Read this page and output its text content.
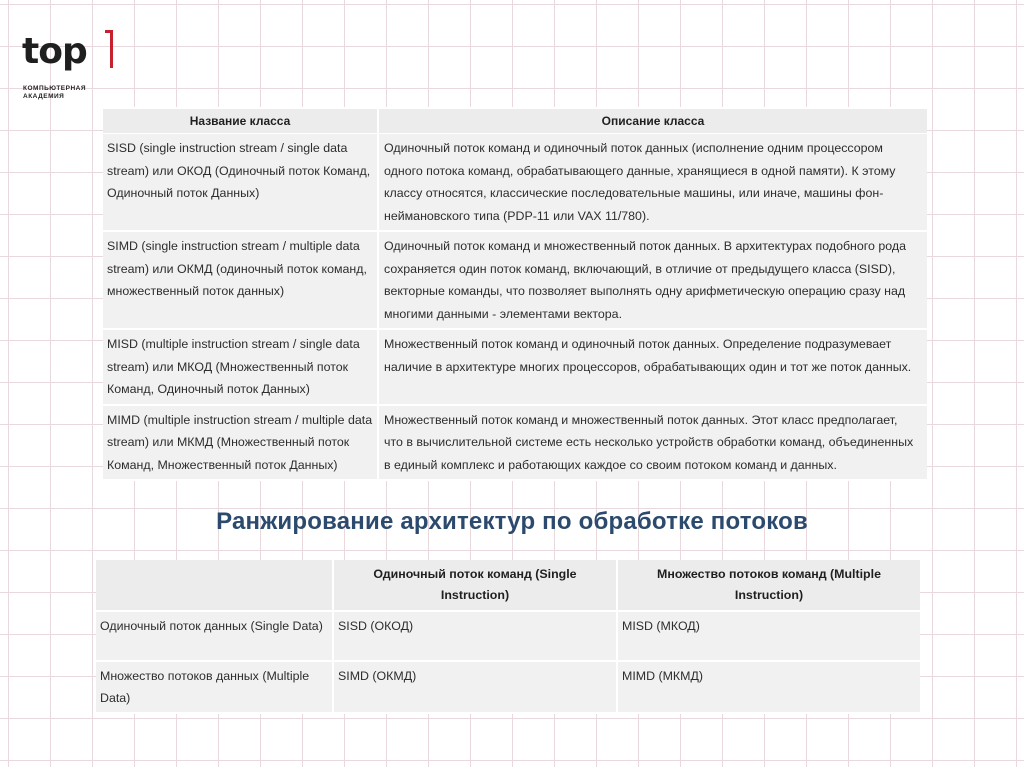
top
КОМПЬЮТЕРНАЯ
АКАДЕМИЯ
Название класса	Описание класса
SISD (single instruction stream / single data stream) или ОКОД (Одиночный поток Команд, Одиночный поток Данных)	Одиночный поток команд и одиночный поток данных (исполнение одним процессором одного потока команд, обрабатывающего данные, хранящиеся в одной памяти). К этому классу относятся, классические последовательные машины, или иначе, машины фон-неймановского типа (PDP-11 или VAX 11/780).
SIMD (single instruction stream / multiple data stream) или ОКМД (одиночный поток команд, множественный поток данных)	Одиночный поток команд и множественный поток данных. В архитектурах подобного рода сохраняется один поток команд, включающий, в отличие от предыдущего класса (SISD), векторные команды, что позволяет выполнять одну арифметическую операцию сразу над многими данными - элементами вектора.
MISD (multiple instruction stream / single data stream) или МКОД (Множественный поток Команд, Одиночный поток Данных)	Множественный поток команд и одиночный поток данных. Определение подразумевает наличие в архитектуре многих процессоров, обрабатывающих один и тот же поток данных.
MIMD (multiple instruction stream / multiple data stream) или МКМД (Множественный поток Команд, Множественный поток Данных)	Множественный поток команд и множественный поток данных. Этот класс предполагает, что в вычислительной системе есть несколько устройств обработки команд, объединенных в единый комплекс и работающих каждое со своим потоком команд и данных.
Ранжирование архитектур по обработке потоков
	Одиночный поток команд (Single Instruction)	Множество потоков команд (Multiple Instruction)
Одиночный поток данных (Single Data)	SISD (ОКОД)	MISD (МКОД)
Множество потоков данных (Multiple Data)	SIMD (ОКМД)	MIMD (МКМД)
